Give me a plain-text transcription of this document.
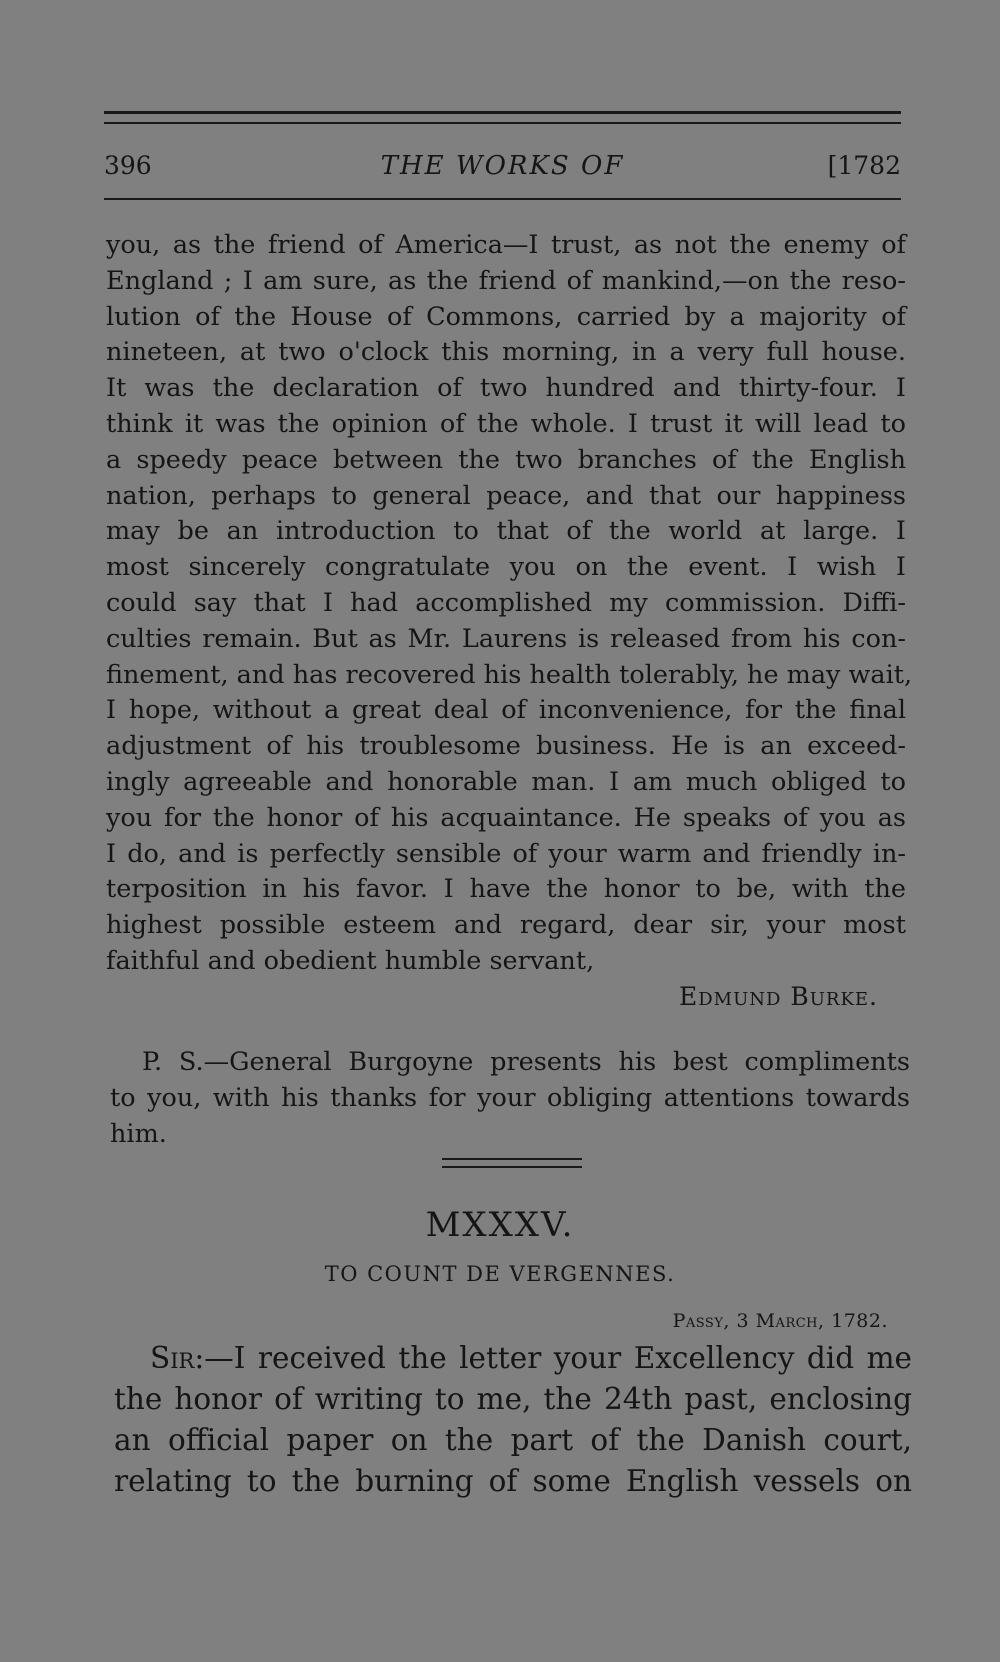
396	THE WORKS OF	[1782
you, as the friend of America—I trust, as not the enemy of
England ; I am sure, as the friend of mankind,—on the reso-
lution of the House of Commons, carried by a majority of
nineteen, at two o'clock this morning, in a very full house.
It was the declaration of two hundred and thirty-four. I
think it was the opinion of the whole. I trust it will lead to
a speedy peace between the two branches of the English
nation, perhaps to general peace, and that our happiness
may be an introduction to that of the world at large. I
most sincerely congratulate you on the event. I wish I
could say that I had accomplished my commission. Diffi-
culties remain. But as Mr. Laurens is released from his con-
finement, and has recovered his health tolerably, he may wait,
I hope, without a great deal of inconvenience, for the final
adjustment of his troublesome business. He is an exceed-
ingly agreeable and honorable man. I am much obliged to
you for the honor of his acquaintance. He speaks of you as
I do, and is perfectly sensible of your warm and friendly in-
terposition in his favor. I have the honor to be, with the
highest possible esteem and regard, dear sir, your most
faithful and obedient humble servant,
Edmund Burke.
P. S.—General Burgoyne presents his best compliments
to you, with his thanks for your obliging attentions towards
him.
MXXXV.
TO COUNT DE VERGENNES.
Passy, 3 March, 1782.
Sir:—I received the letter your Excellency did me
the honor of writing to me, the 24th past, enclosing
an official paper on the part of the Danish court,
relating to the burning of some English vessels on
